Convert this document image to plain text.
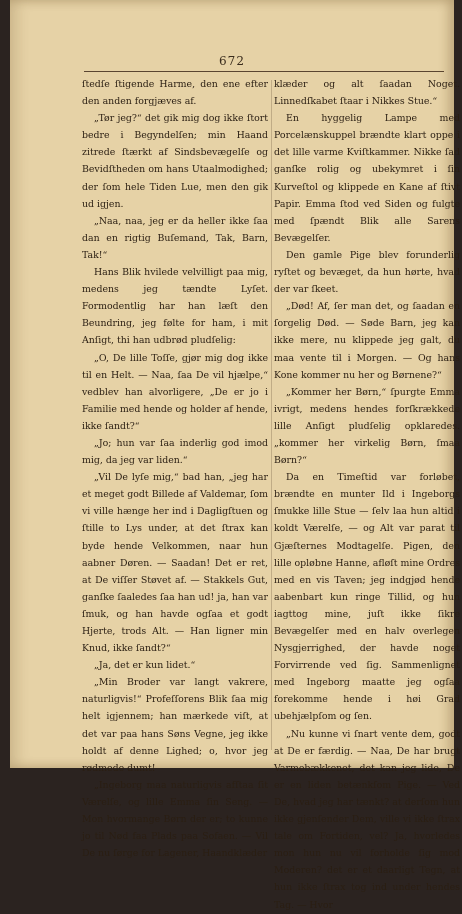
672

ſtedſe ſtigende Harme, den ene efter den anden forgjæves af.

„Tør jeg?“ det gik mig dog ikke ſtort bedre i Begyndelſen; min Haand zitrede ſtærkt af Sindsbevægelſe og Bevidſtheden om hans Utaalmodighed; der ſom hele Tiden Lue, men den gik ud igjen.

„Naa, naa, jeg er da heller ikke ſaa dan en rigtig Buſemand, Tak, Barn, Tak!“

Hans Blik hvilede velvilligt paa mig, medens jeg tændte Lyſet. Formodentlig har han læſt den Beundring, jeg følte for ham, i mit Anſigt, thi han udbrød pludſelig:

„O, De lille Toſſe, gjør mig dog ikke til en Helt. — Naa, ſaa De vil hjælpe,“ vedblev han alvorligere, „De er jo i Familie med hende og holder af hende, ikke ſandt?“

„Jo; hun var ſaa inderlig god imod mig, da jeg var liden.“

„Vil De lyſe mig,“ bad han, „jeg har et meget godt Billede af Valdemar, ſom vi ville hænge her ind i Dagligſtuen og ſtille to Lys under, at det ſtrax kan byde hende Velkommen, naar hun aabner Døren. — Saadan! Det er ret, at De viſſer Støvet af. — Stakkels Gut, ganſke ſaaledes ſaa han ud! ja, han var ſmuk, og han havde ogſaa et godt Hjerte, trods Alt. — Han ligner min Knud, ikke ſandt?“

„Ja, det er kun lidet.“

„Min Broder var langt vakrere, naturligvis!“ Profeſſorens Blik ſaa mig helt igjennem; han mærkede viſt, at det var paa hans Søns Vegne, jeg ikke holdt af denne Lighed; o, hvor jeg rødmede dumt!

„Ingeborg maa naturligvis afſtaa ſit Værelſe, og lille Emma ſin Seng. — Mon hvormange Børn der er; to kunne jo til Nød faa Plads paa Sofaen. — Vil De nu ſørge for Lagener, Haandklæder

klæder og alt ſaadan Noget. Linnedſkabet ſtaar i Nikkes Stue.“

En hyggelig Lampe med Porcelænskuppel brændte klart oppe i det lille varme Kviſtkammer. Nikke ſad ganſke rolig og ubekymret i ſin Kurveſtol og klippede en Kane af ſtivt Papir. Emma ſtod ved Siden og fulgte med ſpændt Blik alle Sarens Bevægelſer.

Den gamle Pige blev forunderlig ryſtet og bevæget, da hun hørte, hvad der var ſkeet.

„Død! Af, ſer man det, og ſaadan en ſorgelig Død. — Søde Barn, jeg kan ikke mere, nu klippede jeg galt, du maa vente til i Morgen. — Og hans Kone kommer nu her og Børnene?“

„Kommer her Børn,“ ſpurgte Emma ivrigt, medens hendes forſkrækkede lille Anſigt pludſelig opklaredes. „kommer her virkelig Børn, ſmaa Børn?“

Da en Timeſtid var forløbet, brændte en munter Ild i Ingeborgs ſmukke lille Stue — ſelv laa hun altid i koldt Værelſe, — og Alt var parat til Gjæſternes Modtagelſe. Pigen, den lille opløbne Hanne, afløſt mine Ordres med en vis Taven; jeg indgjød hende aabenbart kun ringe Tillid, og hun iagttog mine, juſt ikke ſikre Bevægelſer med en halv overlegen Nysgjerrighed, der havde noget Forvirrende ved ſig. Sammenlignet med Ingeborg maatte jeg ogſaa forekomme hende i høi Grad ubehjælpſom og ſen.

„Nu kunne vi ſnart vente dem, godt at De er færdig. — Naa, De har brugt Varmebækkenet, det kan jeg lide, De er en liden betænkſom Pige. — Ved De, hvad jeg har tænkt? at derſom hun ikke gjenſender Dem, ville vi ikke ſtrax tale om Fortiden, vel? Ja, hvorledes mon hun nu vil forholde ſig mod Moderen? det er et daarligt Tegn, at hun ikke ſtrax tog ind under hendes Tag. — Hvor
